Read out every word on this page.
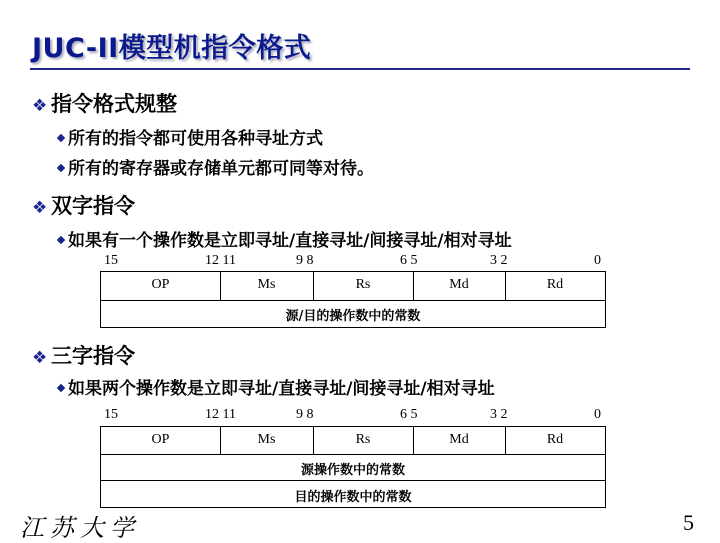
JUC-II模型机指令格式
❖ 指令格式规整
所有的指令都可使用各种寻址方式
所有的寄存器或存储单元都可同等对待。
❖ 双字指令
如果有一个操作数是立即寻址/直接寻址/间接寻址/相对寻址
15	12 11	9 8	6 5	3 2	0
OP	Ms	Rs	Md	Rd
源/目的操作数中的常数
❖ 三字指令
如果两个操作数是立即寻址/直接寻址/间接寻址/相对寻址
15	12 11	9 8	6 5	3 2	0
OP	Ms	Rs	Md	Rd
源操作数中的常数
目的操作数中的常数
江苏大学	5
